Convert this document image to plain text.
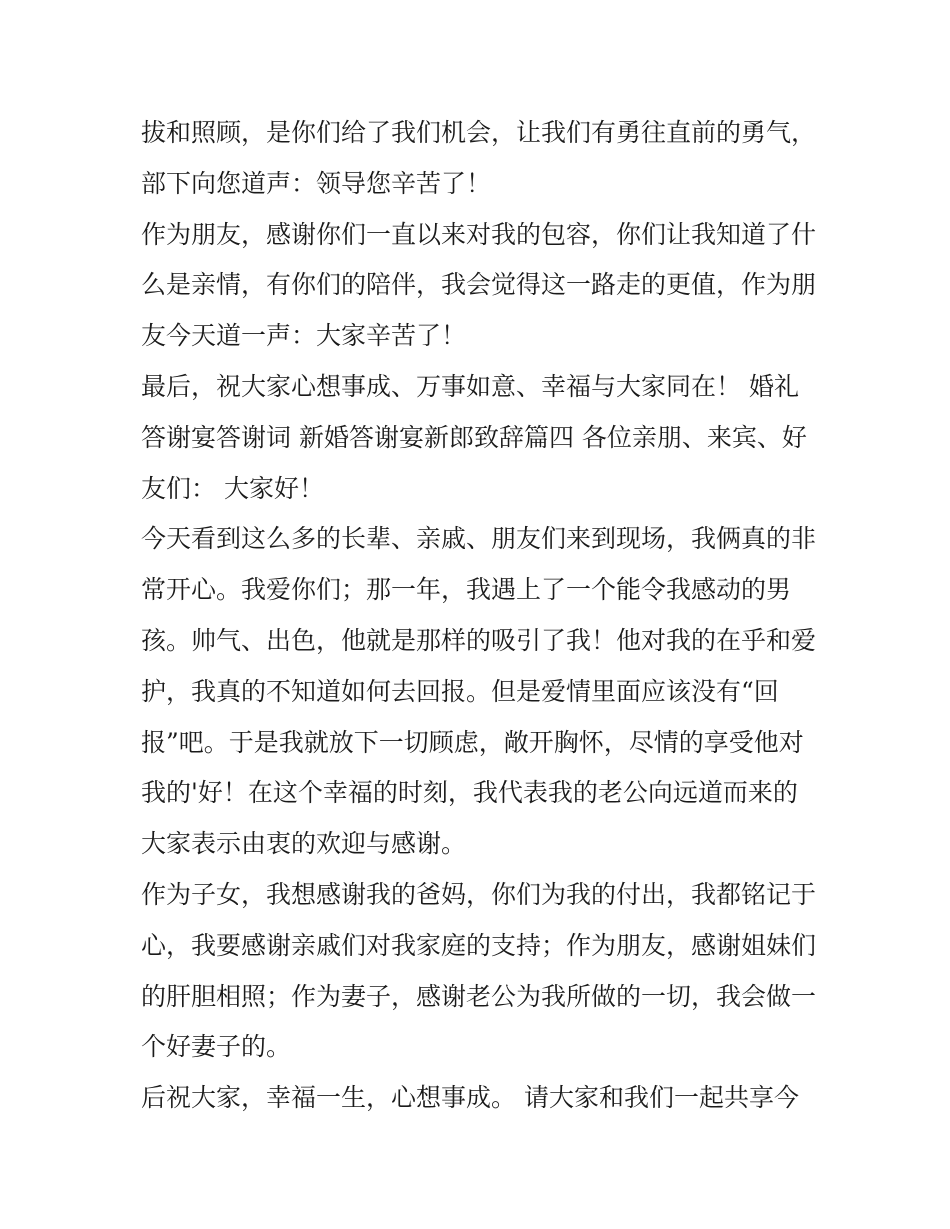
拔和照顾，是你们给了我们机会，让我们有勇往直前的勇气，
部下向您道声：领导您辛苦了！
作为朋友，感谢你们一直以来对我的包容，你们让我知道了什
么是亲情，有你们的陪伴，我会觉得这一路走的更值，作为朋
友今天道一声：大家辛苦了！
最后，祝大家心想事成、万事如意、幸福与大家同在！ 婚礼
答谢宴答谢词 新婚答谢宴新郎致辞篇四 各位亲朋、来宾、好
友们： 大家好！
今天看到这么多的长辈、亲戚、朋友们来到现场，我俩真的非
常开心。我爱你们；那一年，我遇上了一个能令我感动的男
孩。帅气、出色，他就是那样的吸引了我！他对我的在乎和爱
护，我真的不知道如何去回报。但是爱情里面应该没有“回
报”吧。于是我就放下一切顾虑，敞开胸怀，尽情的享受他对
我的'好！在这个幸福的时刻，我代表我的老公向远道而来的
大家表示由衷的欢迎与感谢。
作为子女，我想感谢我的爸妈，你们为我的付出，我都铭记于
心，我要感谢亲戚们对我家庭的支持；作为朋友，感谢姐妹们
的肝胆相照；作为妻子，感谢老公为我所做的一切，我会做一
个好妻子的。
后祝大家，幸福一生，心想事成。 请大家和我们一起共享今
